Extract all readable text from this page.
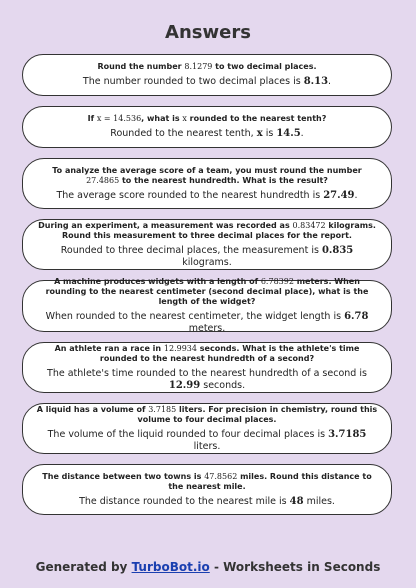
Answers
Round the number 8.1279 to two decimal places.
The number rounded to two decimal places is 8.13.
If x = 14.536, what is x rounded to the nearest tenth?
Rounded to the nearest tenth, x is 14.5.
To analyze the average score of a team, you must round the number 27.4865 to the nearest hundredth. What is the result?
The average score rounded to the nearest hundredth is 27.49.
During an experiment, a measurement was recorded as 0.83472 kilograms. Round this measurement to three decimal places for the report.
Rounded to three decimal places, the measurement is 0.835 kilograms.
A machine produces widgets with a length of 6.78392 meters. When rounding to the nearest centimeter (second decimal place), what is the length of the widget?
When rounded to the nearest centimeter, the widget length is 6.78 meters.
An athlete ran a race in 12.9934 seconds. What is the athlete's time rounded to the nearest hundredth of a second?
The athlete's time rounded to the nearest hundredth of a second is 12.99 seconds.
A liquid has a volume of 3.7185 liters. For precision in chemistry, round this volume to four decimal places.
The volume of the liquid rounded to four decimal places is 3.7185 liters.
The distance between two towns is 47.8562 miles. Round this distance to the nearest mile.
The distance rounded to the nearest mile is 48 miles.
Generated by TurboBot.io - Worksheets in Seconds
